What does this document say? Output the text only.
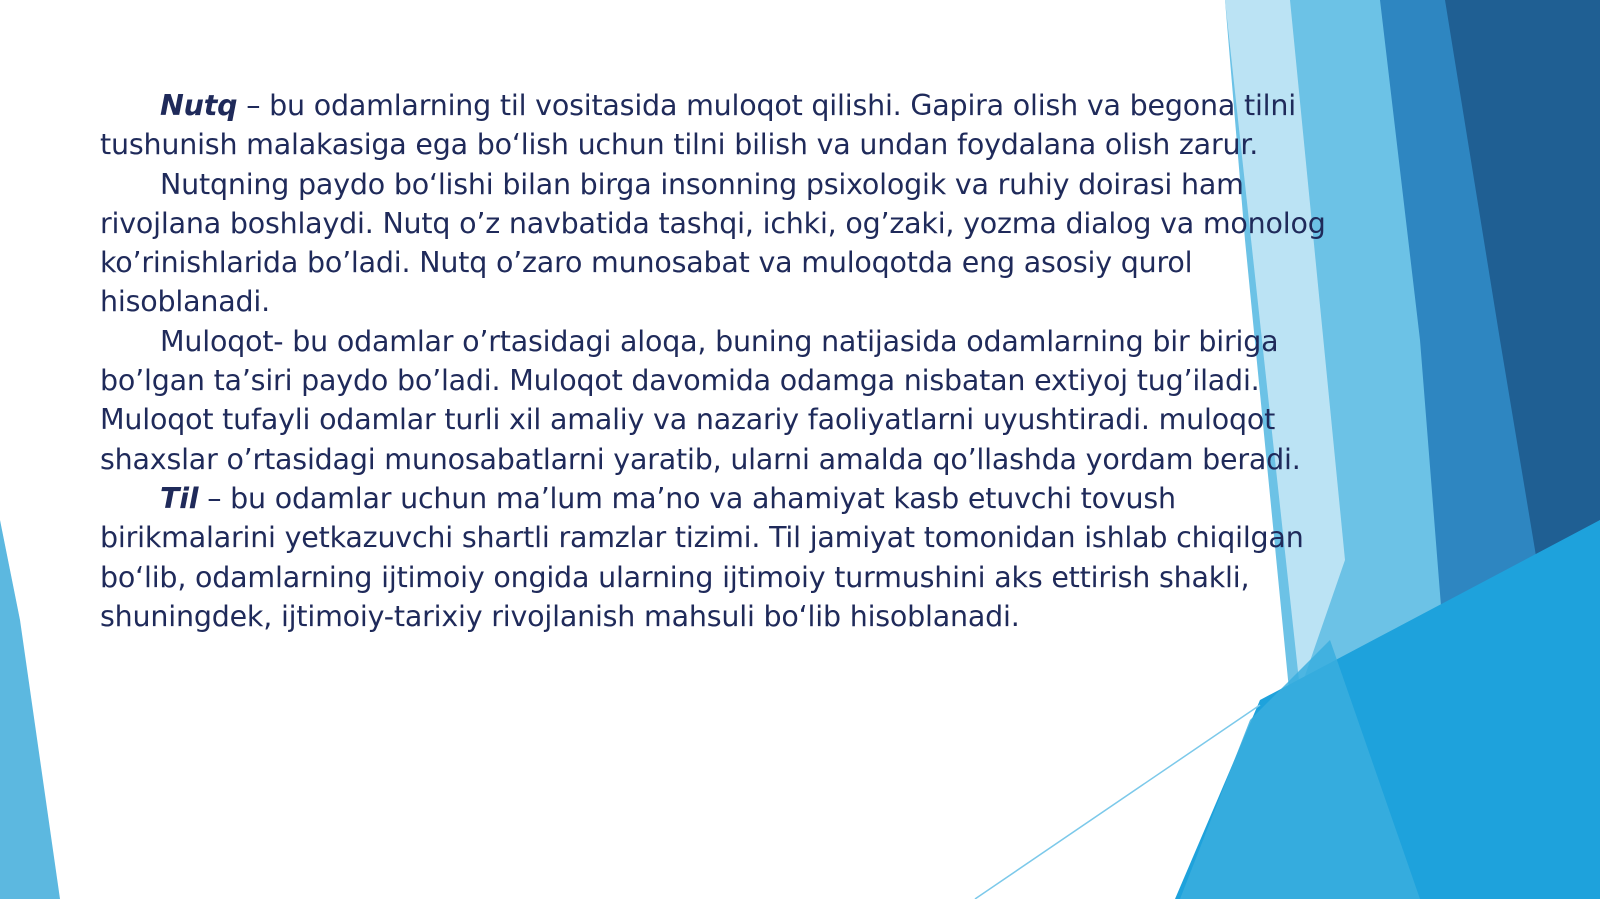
Nutq – bu odamlarning til vositasida muloqot qilishi. Gapira olish va begona tilni tushunish malakasiga ega bo‘lish uchun tilni bilish va undan foydalana olish zarur.

Nutqning paydo bo‘lishi bilan birga insonning psixologik va ruhiy doirasi ham rivojlana boshlaydi. Nutq o’z navbatida tashqi, ichki, og’zaki, yozma dialog va monolog ko’rinishlarida bo’ladi. Nutq o’zaro munosabat va muloqotda eng asosiy qurol hisoblanadi.

Muloqot- bu odamlar o’rtasidagi aloqa, buning natijasida odamlarning bir biriga bo’lgan ta’siri paydo bo’ladi. Muloqot davomida odamga nisbatan extiyoj tug’iladi. Muloqot tufayli odamlar turli xil amaliy va nazariy faoliyatlarni uyushtiradi. muloqot shaxslar o’rtasidagi munosabatlarni yaratib, ularni amalda qo’llashda yordam beradi.

Til – bu odamlar uchun ma’lum ma’no va ahamiyat kasb etuvchi tovush birikmalarini yetkazuvchi shartli ramzlar tizimi. Til jamiyat tomonidan ishlab chiqilgan bo‘lib, odamlarning ijtimoiy ongida ularning ijtimoiy turmushini aks ettirish shakli, shuningdek, ijtimoiy-tarixiy rivojlanish mahsuli bo‘lib hisoblanadi.
